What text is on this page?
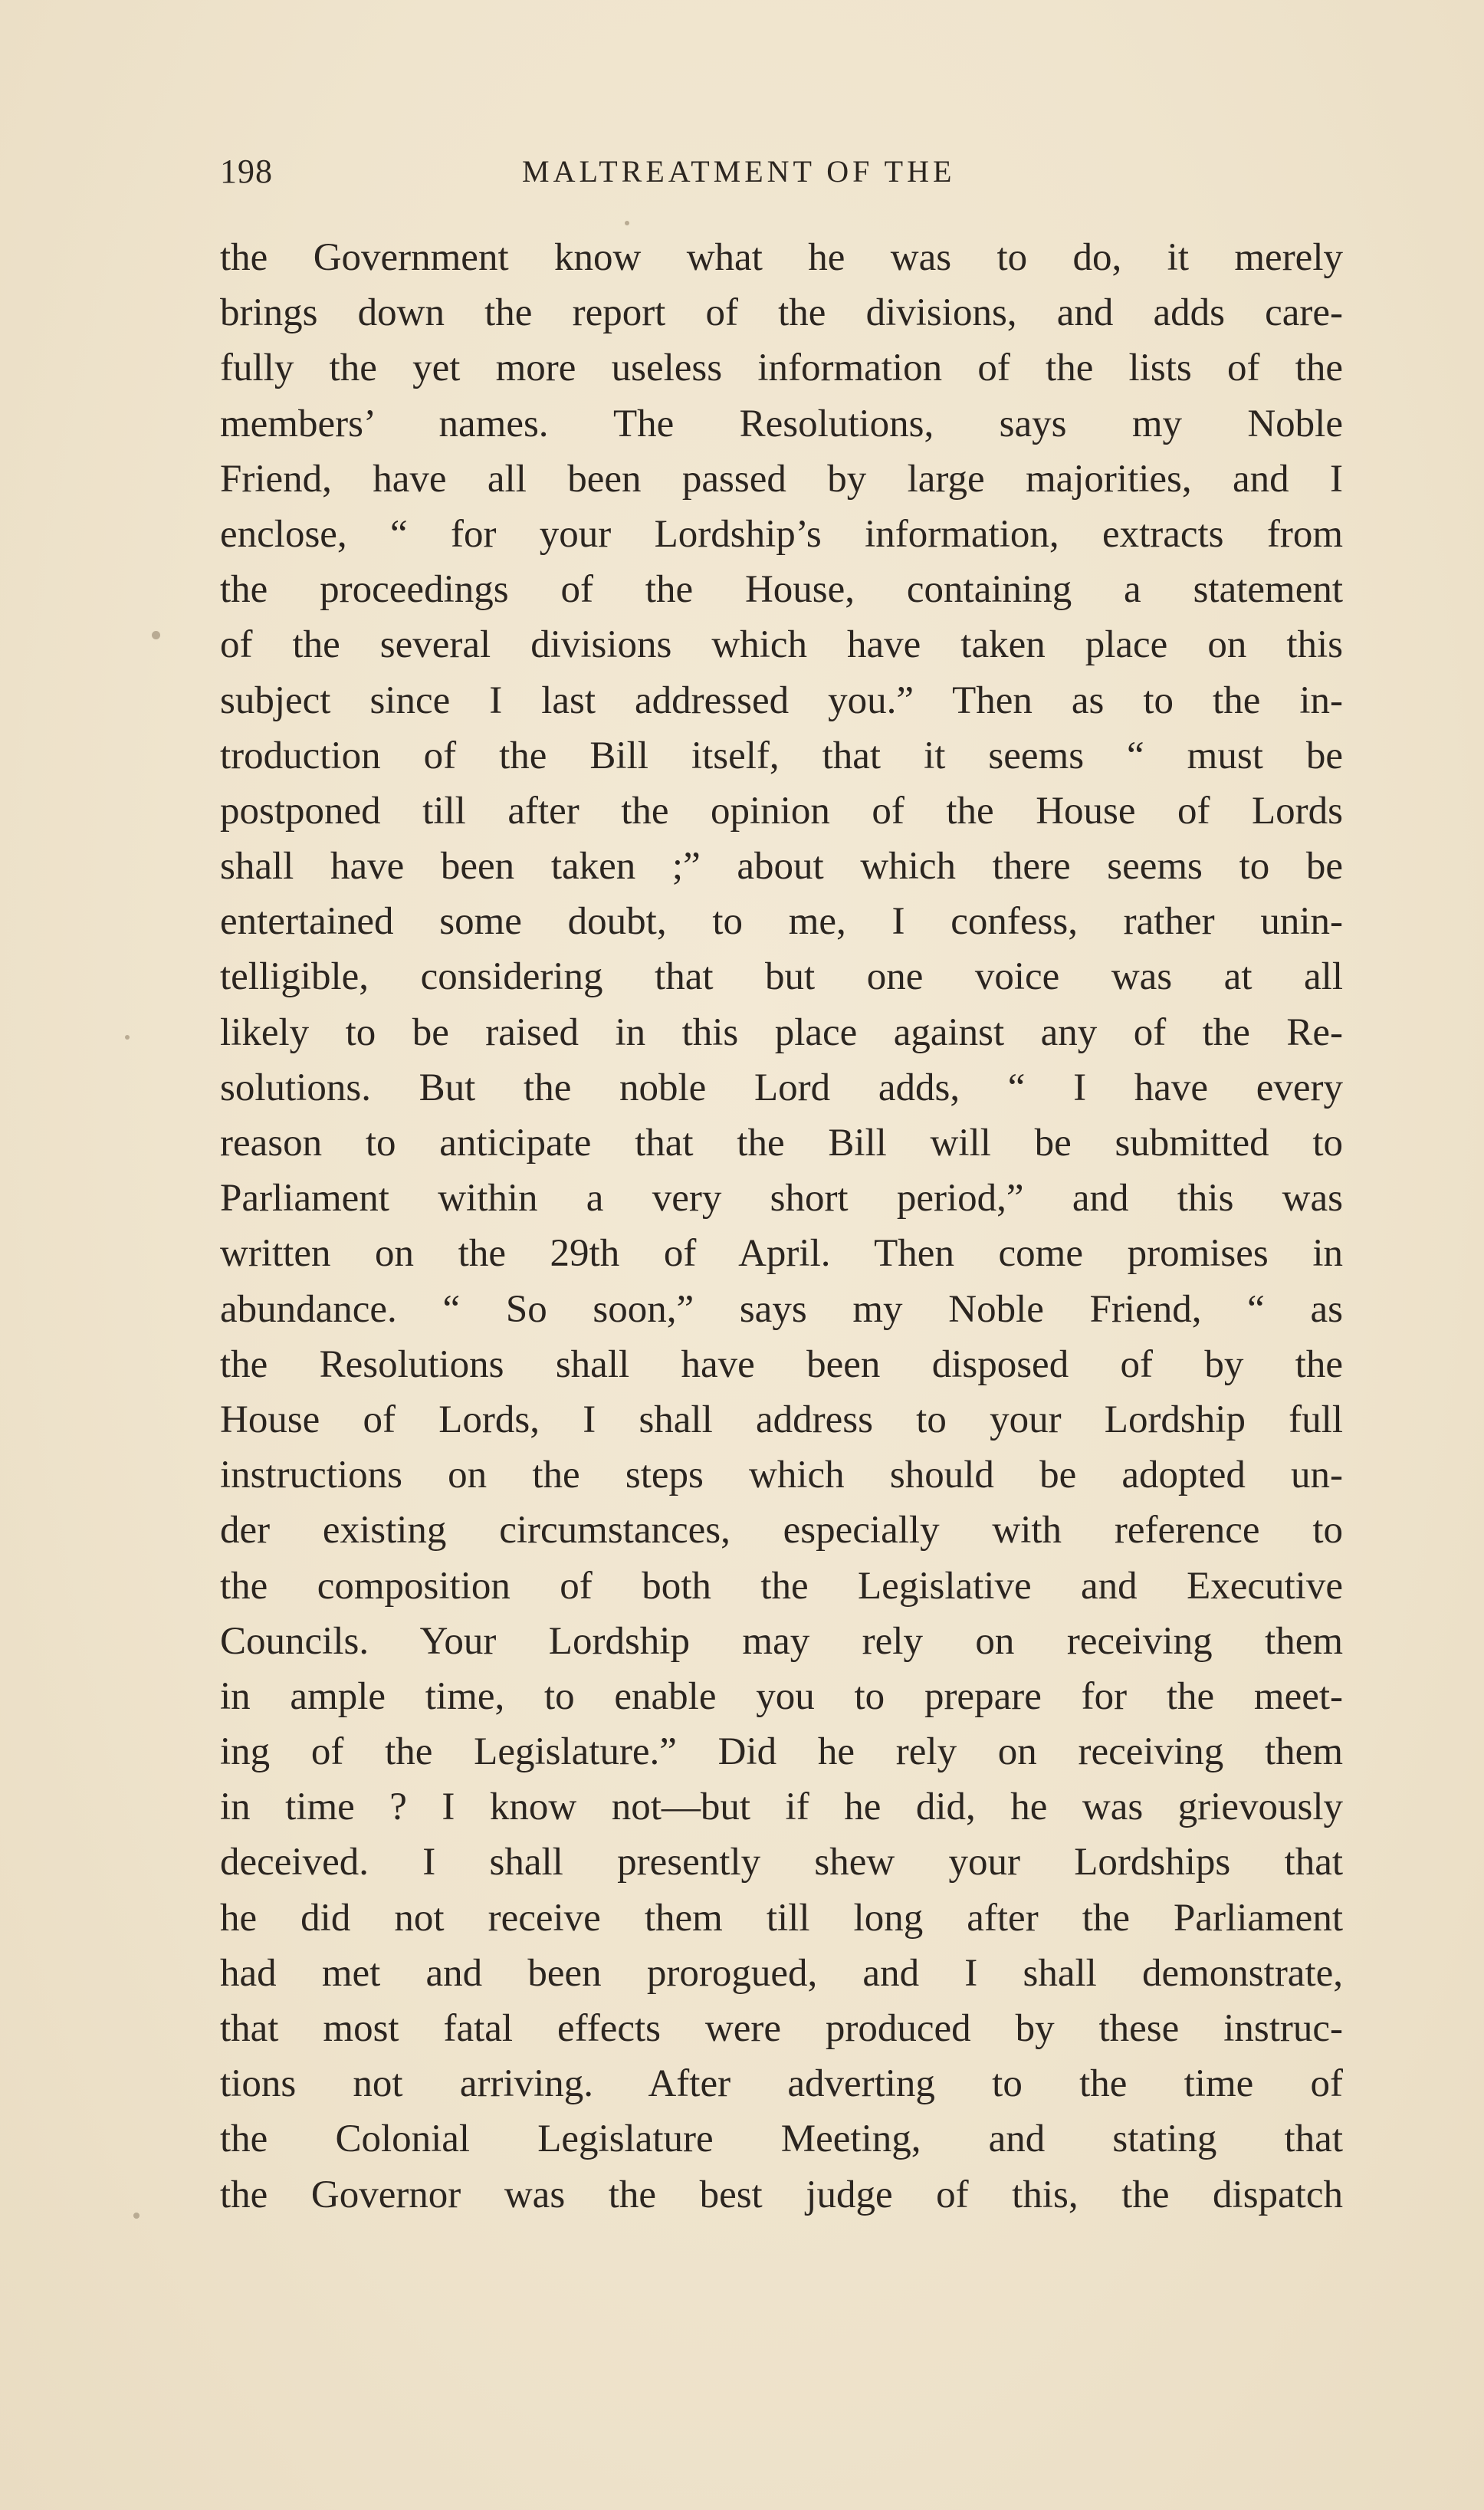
198	MALTREATMENT OF THE
the Government know what he was to do, it merely
brings down the report of the divisions, and adds care-
fully the yet more useless information of the lists of the
members’ names. The Resolutions, says my Noble
Friend, have all been passed by large majorities, and I
enclose, “ for your Lordship’s information, extracts from
the proceedings of the House, containing a statement
of the several divisions which have taken place on this
subject since I last addressed you.” Then as to the in-
troduction of the Bill itself, that it seems “ must be
postponed till after the opinion of the House of Lords
shall have been taken ;” about which there seems to be
entertained some doubt, to me, I confess, rather unin-
telligible, considering that but one voice was at all
likely to be raised in this place against any of the Re-
solutions. But the noble Lord adds, “ I have every
reason to anticipate that the Bill will be submitted to
Parliament within a very short period,” and this was
written on the 29th of April. Then come promises in
abundance. “ So soon,” says my Noble Friend, “ as
the Resolutions shall have been disposed of by the
House of Lords, I shall address to your Lordship full
instructions on the steps which should be adopted un-
der existing circumstances, especially with reference to
the composition of both the Legislative and Executive
Councils. Your Lordship may rely on receiving them
in ample time, to enable you to prepare for the meet-
ing of the Legislature.” Did he rely on receiving them
in time ? I know not—but if he did, he was grievously
deceived. I shall presently shew your Lordships that
he did not receive them till long after the Parliament
had met and been prorogued, and I shall demonstrate,
that most fatal effects were produced by these instruc-
tions not arriving. After adverting to the time of
the Colonial Legislature Meeting, and stating that
the Governor was the best judge of this, the dispatch
